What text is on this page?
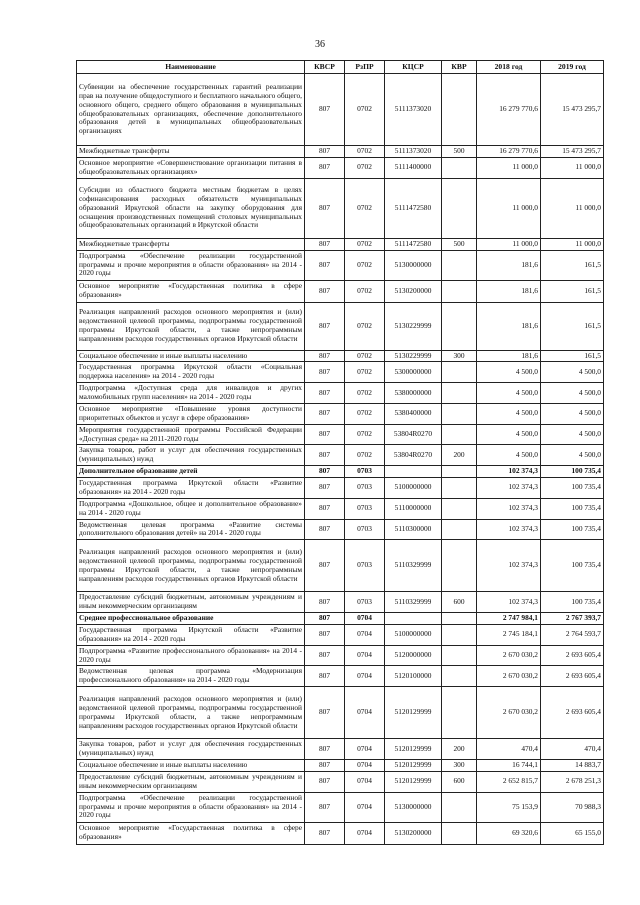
36
Наименование	КВСР	РзПР	КЦСР	КВР	2018 год	2019 год
Субвенции на обеспечение государственных гарантий реализации прав на получение общедоступного и бесплатного начального общего, основного общего, среднего общего образования в муниципальных общеобразовательных организациях, обеспечение дополнительного образования детей в муниципальных общеобразовательных организациях	807	0702	5111373020		16 279 770,6	15 473 295,7
Межбюджетные трансферты	807	0702	5111373020	500	16 279 770,6	15 473 295,7
Основное мероприятие «Совершенствование организации питания в общеобразовательных организациях»	807	0702	5111400000		11 000,0	11 000,0
Субсидии из областного бюджета местным бюджетам в целях софинансирования расходных обязательств муниципальных образований Иркутской области на закупку оборудования для оснащения производственных помещений столовых муниципальных общеобразовательных организаций в Иркутской области	807	0702	5111472580		11 000,0	11 000,0
Межбюджетные трансферты	807	0702	5111472580	500	11 000,0	11 000,0
Подпрограмма «Обеспечение реализации государственной программы и прочие мероприятия в области образования» на 2014 - 2020 годы	807	0702	5130000000		181,6	161,5
Основное мероприятие «Государственная политика в сфере образования»	807	0702	5130200000		181,6	161,5
Реализация направлений расходов основного мероприятия и (или) ведомственной целевой программы, подпрограммы государственной программы Иркутской области, а также непрограммным направлениям расходов государственных органов Иркутской области	807	0702	5130229999		181,6	161,5
Социальное обеспечение и иные выплаты населению	807	0702	5130229999	300	181,6	161,5
Государственная программа Иркутской области «Социальная поддержка населения» на 2014 - 2020 годы	807	0702	5300000000		4 500,0	4 500,0
Подпрограмма «Доступная среда для инвалидов и других маломобильных групп населения» на 2014 - 2020 годы	807	0702	5380000000		4 500,0	4 500,0
Основное мероприятие «Повышение уровня доступности приоритетных объектов и услуг в сфере образования»	807	0702	5380400000		4 500,0	4 500,0
Мероприятия государственной программы Российской Федерации «Доступная среда» на 2011-2020 годы	807	0702	53804R0270		4 500,0	4 500,0
Закупка товаров, работ и услуг для обеспечения государственных (муниципальных) нужд	807	0702	53804R0270	200	4 500,0	4 500,0
Дополнительное образование детей	807	0703			102 374,3	100 735,4
Государственная программа Иркутской области «Развитие образования» на 2014 - 2020 годы	807	0703	5100000000		102 374,3	100 735,4
Подпрограмма «Дошкольное, общее и дополнительное образование» на 2014 - 2020 годы	807	0703	5110000000		102 374,3	100 735,4
Ведомственная целевая программа «Развитие системы дополнительного образования детей» на 2014 - 2020 годы	807	0703	5110300000		102 374,3	100 735,4
Реализация направлений расходов основного мероприятия и (или) ведомственной целевой программы, подпрограммы государственной программы Иркутской области, а также непрограммным направлениям расходов государственных органов Иркутской области	807	0703	5110329999		102 374,3	100 735,4
Предоставление субсидий бюджетным, автономным учреждениям и иным некоммерческим организациям	807	0703	5110329999	600	102 374,3	100 735,4
Среднее профессиональное образование	807	0704			2 747 984,1	2 767 393,7
Государственная программа Иркутской области «Развитие образования» на 2014 - 2020 годы	807	0704	5100000000		2 745 184,1	2 764 593,7
Подпрограмма «Развитие профессионального образования» на 2014 - 2020 годы	807	0704	5120000000		2 670 030,2	2 693 605,4
Ведомственная целевая программа «Модернизация профессионального образования» на 2014 - 2020 годы	807	0704	5120100000		2 670 030,2	2 693 605,4
Реализация направлений расходов основного мероприятия и (или) ведомственной целевой программы, подпрограммы государственной программы Иркутской области, а также непрограммным направлениям расходов государственных органов Иркутской области	807	0704	5120129999		2 670 030,2	2 693 605,4
Закупка товаров, работ и услуг для обеспечения государственных (муниципальных) нужд	807	0704	5120129999	200	470,4	470,4
Социальное обеспечение и иные выплаты населению	807	0704	5120129999	300	16 744,1	14 883,7
Предоставление субсидий бюджетным, автономным учреждениям и иным некоммерческим организациям	807	0704	5120129999	600	2 652 815,7	2 678 251,3
Подпрограмма «Обеспечение реализации государственной программы и прочие мероприятия в области образования» на 2014 - 2020 годы	807	0704	5130000000		75 153,9	70 988,3
Основное мероприятие «Государственная политика в сфере образования»	807	0704	5130200000		69 320,6	65 155,0
